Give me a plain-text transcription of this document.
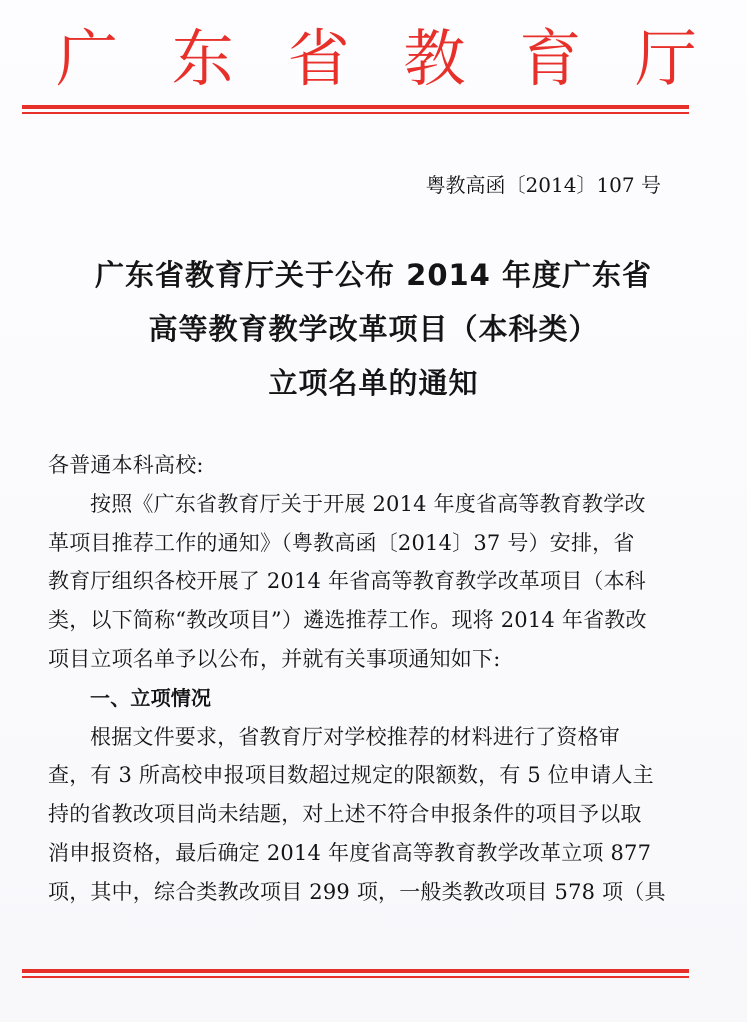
广 东 省 教 育 厅
粤教高函〔2014〕107 号
广东省教育厅关于公布 2014 年度广东省
高等教育教学改革项目（本科类）
立项名单的通知
各普通本科高校:
按照《广东省教育厅关于开展 2014 年度省高等教育教学改
革项目推荐工作的通知》（粤教高函〔2014〕37 号）安排，省
教育厅组织各校开展了 2014 年省高等教育教学改革项目（本科
类，以下简称“教改项目”）遴选推荐工作。现将 2014 年省教改
项目立项名单予以公布，并就有关事项通知如下:
一、立项情况
根据文件要求，省教育厅对学校推荐的材料进行了资格审
查，有 3 所高校申报项目数超过规定的限额数，有 5 位申请人主
持的省教改项目尚未结题，对上述不符合申报条件的项目予以取
消申报资格，最后确定 2014 年度省高等教育教学改革立项 877
项，其中，综合类教改项目 299 项，一般类教改项目 578 项（具
